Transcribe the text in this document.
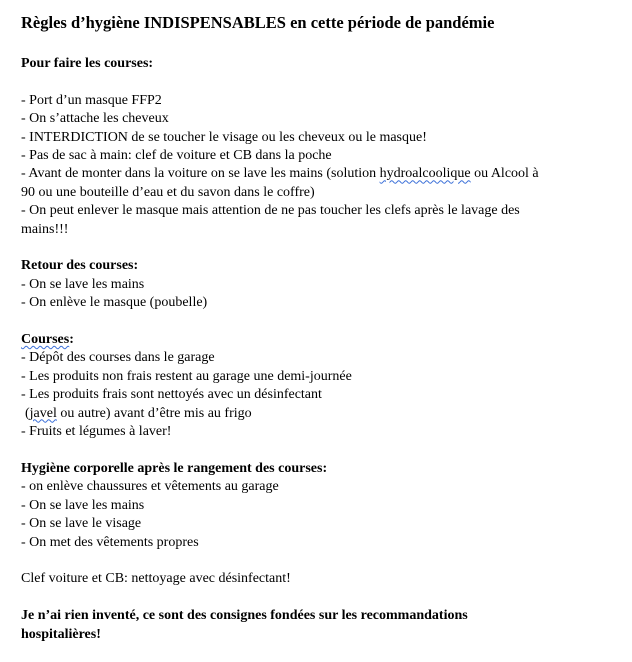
Règles d’hygiène INDISPENSABLES en cette période de pandémie

Pour faire les courses:
- Port d’un masque FFP2
- On s’attache les cheveux
- INTERDICTION de se toucher le visage ou les cheveux ou le masque!
- Pas de sac à main: clef de voiture et CB dans la poche
- Avant de monter dans la voiture on se lave les mains (solution hydroalcoolique ou Alcool à
90 ou une bouteille d’eau et du savon dans le coffre)
- On peut enlever le masque mais attention de ne pas toucher les clefs après le lavage des
mains!!!
Retour des courses:
- On se lave les mains
- On enlève le masque (poubelle)
Courses:
- Dépôt des courses dans le garage
- Les produits non frais restent au garage une demi-journée
- Les produits frais sont nettoyés avec un désinfectant
(javel ou autre) avant d’être mis au frigo
- Fruits et légumes à laver!
Hygiène corporelle après le rangement des courses:
- on enlève chaussures et vêtements au garage
- On se lave les mains
- On se lave le visage
- On met des vêtements propres
Clef voiture et CB: nettoyage avec désinfectant!
Je n’ai rien inventé, ce sont des consignes fondées sur les recommandations
hospitalières!
